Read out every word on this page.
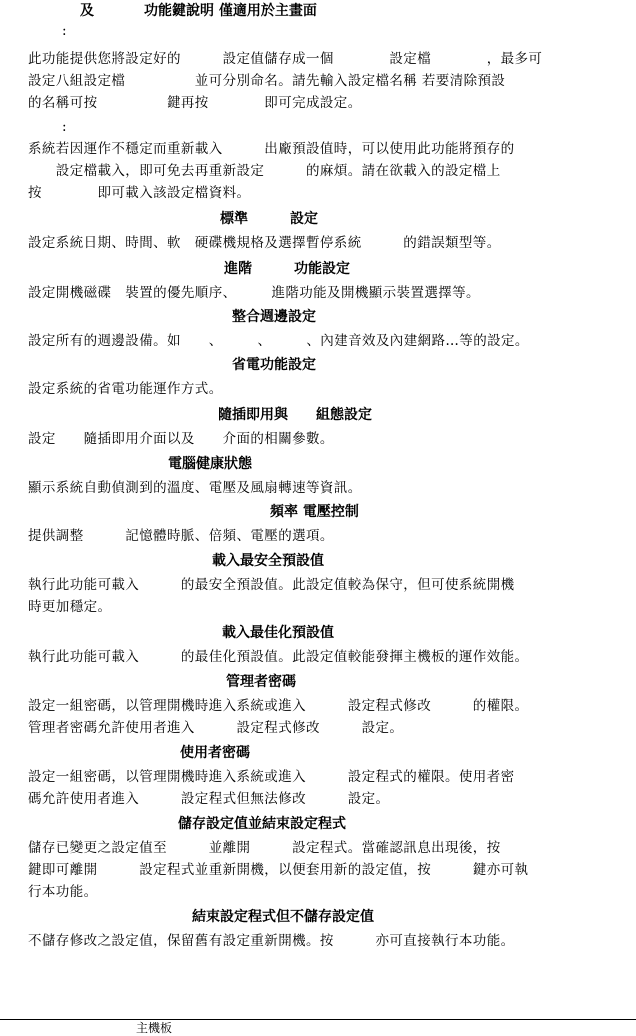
及	功能鍵說明 僅適用於主畫面
:
此功能提供您將設定好的　　　設定值儲存成一個　　　　設定檔　　　　，最多可
設定八組設定檔　　　　　並可分別命名。請先輸入設定檔名稱 若要清除預設
的名稱可按　　　　　鍵再按　　　　即可完成設定。
:
系統若因運作不穩定而重新載入　　　出廠預設值時，可以使用此功能將預存的
　　設定檔載入，即可免去再重新設定　　　的麻煩。請在欲載入的設定檔上
按　　　　即可載入該設定檔資料。
標準　　　設定
設定系統日期、時間、軟　硬碟機規格及選擇暫停系統　　　的錯誤類型等。
進階　　　功能設定
設定開機磁碟　裝置的優先順序、　　　進階功能及開機顯示裝置選擇等。
整合週邊設定
設定所有的週邊設備。如　　、　　　、　　　、內建音效及內建網路…等的設定。
省電功能設定
設定系統的省電功能運作方式。
隨插即用與　　組態設定
設定　　隨插即用介面以及　　介面的相關參數。
電腦健康狀態
顯示系統自動偵測到的溫度、電壓及風扇轉速等資訊。
頻率 電壓控制
提供調整　　　記憶體時脈、倍頻、電壓的選項。
載入最安全預設值
執行此功能可載入　　　的最安全預設值。此設定值較為保守，但可使系統開機
時更加穩定。
載入最佳化預設值
執行此功能可載入　　　的最佳化預設值。此設定值較能發揮主機板的運作效能。
管理者密碼
設定一組密碼，以管理開機時進入系統或進入　　　設定程式修改　　　的權限。
管理者密碼允許使用者進入　　　設定程式修改　　　設定。
使用者密碼
設定一組密碼，以管理開機時進入系統或進入　　　設定程式的權限。使用者密
碼允許使用者進入　　　設定程式但無法修改　　　設定。
儲存設定值並結束設定程式
儲存已變更之設定值至　　　並離開　　　設定程式。當確認訊息出現後，按
鍵即可離開　　　設定程式並重新開機，以便套用新的設定值，按　　　鍵亦可執
行本功能。
結束設定程式但不儲存設定值
不儲存修改之設定值，保留舊有設定重新開機。按　　　亦可直接執行本功能。
主機板
